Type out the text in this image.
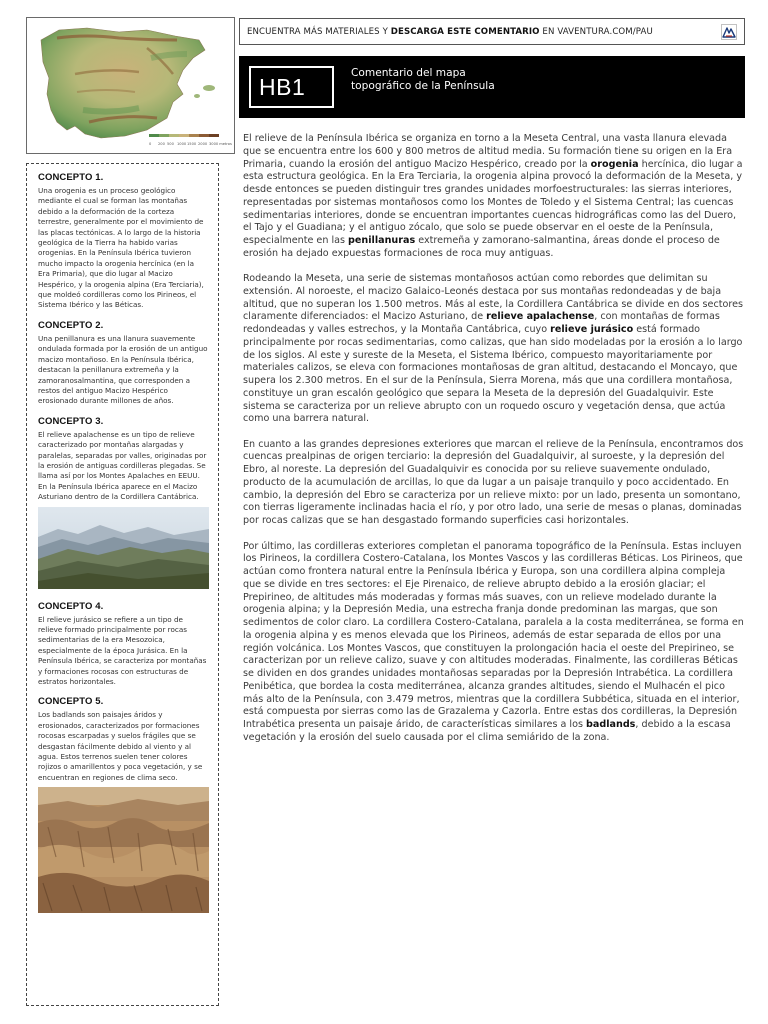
0 200 500 10001500 2000 3000 metros
CONCEPTO 1.
Una orogenia es un proceso geológico mediante el cual se forman las montañas debido a la deformación de la corteza terrestre, generalmente por el movimiento de las placas tectónicas. A lo largo de la historia geológica de la Tierra ha habido varias orogenias. En la Península Ibérica tuvieron mucho impacto la orogenia hercínica (en la Era Primaria), que dio lugar al Macizo Hespérico, y la orogenia alpina (Era Terciaria), que moldeó cordilleras como los Pirineos, el Sistema Ibérico y las Béticas.
CONCEPTO 2.
Una penillanura es una llanura suavemente ondulada formada por la erosión de un antiguo macizo montañoso. En la Península Ibérica, destacan la penillanura extremeña y la zamoranosalmantina, que corresponden a restos del antiguo Macizo Hespérico erosionado durante millones de años.
CONCEPTO 3.
El relieve apalachense es un tipo de relieve caracterizado por montañas alargadas y paralelas, separadas por valles, originadas por la erosión de antiguas cordilleras plegadas. Se llama así por los Montes Apalaches en EEUU. En la Península Ibérica aparece en el Macizo Asturiano dentro de la Cordillera Cantábrica.
CONCEPTO 4.
El relieve jurásico se refiere a un tipo de relieve formado principalmente por rocas sedimentarias de la era Mesozoica, especialmente de la época Jurásica. En la Península Ibérica, se caracteriza por montañas y formaciones rocosas con estructuras de estratos horizontales.
CONCEPTO 5.
Los badlands son paisajes áridos y erosionados, caracterizados por formaciones rocosas escarpadas y suelos frágiles que se desgastan fácilmente debido al viento y al agua. Estos terrenos suelen tener colores rojizos o amarillentos y poca vegetación, y se encuentran en regiones de clima seco.
ENCUENTRA MÁS MATERIALES Y DESCARGA ESTE COMENTARIO EN VAVENTURA.COM/PAU
HB1
Comentario del mapa
topográfico de la Península

El relieve de la Península Ibérica se organiza en torno a la Meseta Central, una vasta llanura elevada que se encuentra entre los 600 y 800 metros de altitud media. Su formación tiene su origen en la Era Primaria, cuando la erosión del antiguo Macizo Hespérico, creado por la orogenia hercínica, dio lugar a esta estructura geológica. En la Era Terciaria, la orogenia alpina provocó la deformación de la Meseta, y desde entonces se pueden distinguir tres grandes unidades morfoestructurales: las sierras interiores, representadas por sistemas montañosos como los Montes de Toledo y el Sistema Central; las cuencas sedimentarias interiores, donde se encuentran importantes cuencas hidrográficas como las del Duero, el Tajo y el Guadiana; y el antiguo zócalo, que solo se puede observar en el oeste de la Península, especialmente en las penillanuras extremeña y zamorano-salmantina, áreas donde el proceso de erosión ha dejado expuestas formaciones de roca muy antiguas.

Rodeando la Meseta, una serie de sistemas montañosos actúan como rebordes que delimitan su extensión. Al noroeste, el macizo Galaico-Leonés destaca por sus montañas redondeadas y de baja altitud, que no superan los 1.500 metros. Más al este, la Cordillera Cantábrica se divide en dos sectores claramente diferenciados: el Macizo Asturiano, de relieve apalachense, con montañas de formas redondeadas y valles estrechos, y la Montaña Cantábrica, cuyo relieve jurásico está formado principalmente por rocas sedimentarias, como calizas, que han sido modeladas por la erosión a lo largo de los siglos. Al este y sureste de la Meseta, el Sistema Ibérico, compuesto mayoritariamente por materiales calizos, se eleva con formaciones montañosas de gran altitud, destacando el Moncayo, que supera los 2.300 metros. En el sur de la Península, Sierra Morena, más que una cordillera montañosa, constituye un gran escalón geológico que separa la Meseta de la depresión del Guadalquivir. Este sistema se caracteriza por un relieve abrupto con un roquedo oscuro y vegetación densa, que actúa como una barrera natural.

En cuanto a las grandes depresiones exteriores que marcan el relieve de la Península, encontramos dos cuencas prealpinas de origen terciario: la depresión del Guadalquivir, al suroeste, y la depresión del Ebro, al noreste. La depresión del Guadalquivir es conocida por su relieve suavemente ondulado, producto de la acumulación de arcillas, lo que da lugar a un paisaje tranquilo y poco accidentado. En cambio, la depresión del Ebro se caracteriza por un relieve mixto: por un lado, presenta un somontano, con tierras ligeramente inclinadas hacia el río, y por otro lado, una serie de mesas o planas, dominadas por rocas calizas que se han desgastado formando superficies casi horizontales.

Por último, las cordilleras exteriores completan el panorama topográfico de la Península. Estas incluyen los Pirineos, la cordillera Costero-Catalana, los Montes Vascos y las cordilleras Béticas. Los Pirineos, que actúan como frontera natural entre la Península Ibérica y Europa, son una cordillera alpina compleja que se divide en tres sectores: el Eje Pirenaico, de relieve abrupto debido a la erosión glaciar; el Prepirineo, de altitudes más moderadas y formas más suaves, con un relieve modelado durante la orogenia alpina; y la Depresión Media, una estrecha franja donde predominan las margas, que son sedimentos de color claro. La cordillera Costero-Catalana, paralela a la costa mediterránea, se forma en la orogenia alpina y es menos elevada que los Pirineos, además de estar separada de ellos por una región volcánica. Los Montes Vascos, que constituyen la prolongación hacia el oeste del Prepirineo, se caracterizan por un relieve calizo, suave y con altitudes moderadas. Finalmente, las cordilleras Béticas se dividen en dos grandes unidades montañosas separadas por la Depresión Intrabética. La cordillera Penibética, que bordea la costa mediterránea, alcanza grandes altitudes, siendo el Mulhacén el pico más alto de la Península, con 3.479 metros, mientras que la cordillera Subbética, situada en el interior, está compuesta por sierras como las de Grazalema y Cazorla. Entre estas dos cordilleras, la Depresión Intrabética presenta un paisaje árido, de características similares a los badlands, debido a la escasa vegetación y la erosión del suelo causada por el clima semiárido de la zona.
